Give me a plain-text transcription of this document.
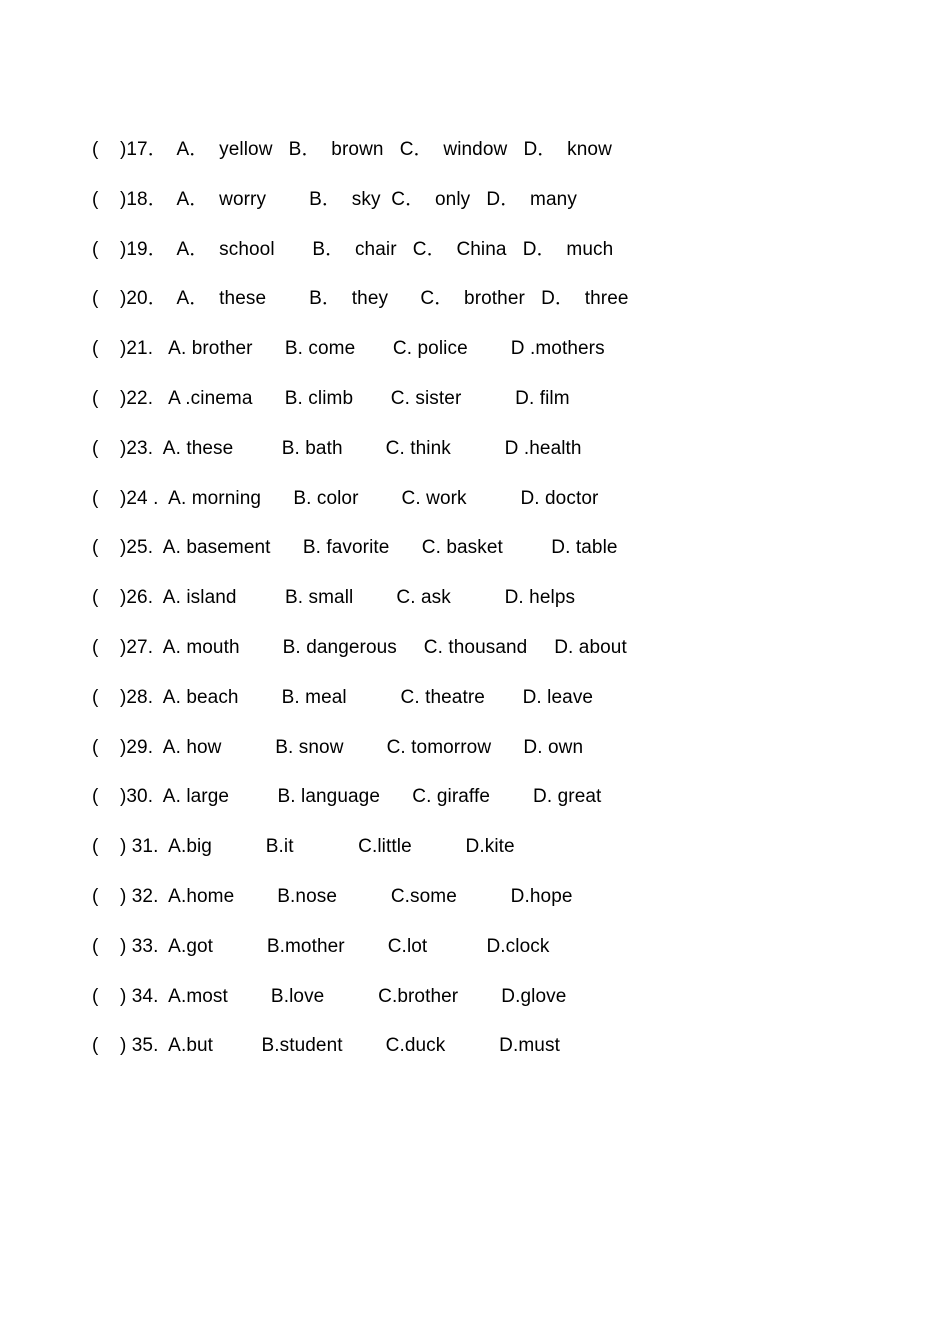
(    )17．  A．  yellow   B．  brown   C．  window   D．  know
(    )18．  A．  worry        B．  sky  C．  only   D．  many
(    )19．  A．  school       B．  chair   C．  China   D．  much
(    )20．  A．  these        B．  they      C．  brother   D．  three
(    )21.   A. brother      B. come       C. police        D .mothers
(    )22.   A .cinema      B. climb       C. sister          D. film
(    )23.  A. these         B. bath        C. think          D .health
(    )24 .  A. morning      B. color        C. work          D. doctor
(    )25.  A. basement      B. favorite      C. basket         D. table
(    )26.  A. island         B. small        C. ask          D. helps
(    )27.  A. mouth        B. dangerous     C. thousand     D. about
(    )28.  A. beach        B. meal          C. theatre       D. leave
(    )29.  A. how          B. snow        C. tomorrow      D. own
(    )30.  A. large         B. language      C. giraffe        D. great
(    ) 31.  A.big          B.it            C.little          D.kite
(    ) 32.  A.home        B.nose          C.some          D.hope
(    ) 33.  A.got          B.mother        C.lot           D.clock
(    ) 34.  A.most        B.love          C.brother        D.glove
(    ) 35.  A.but         B.student        C.duck          D.must
